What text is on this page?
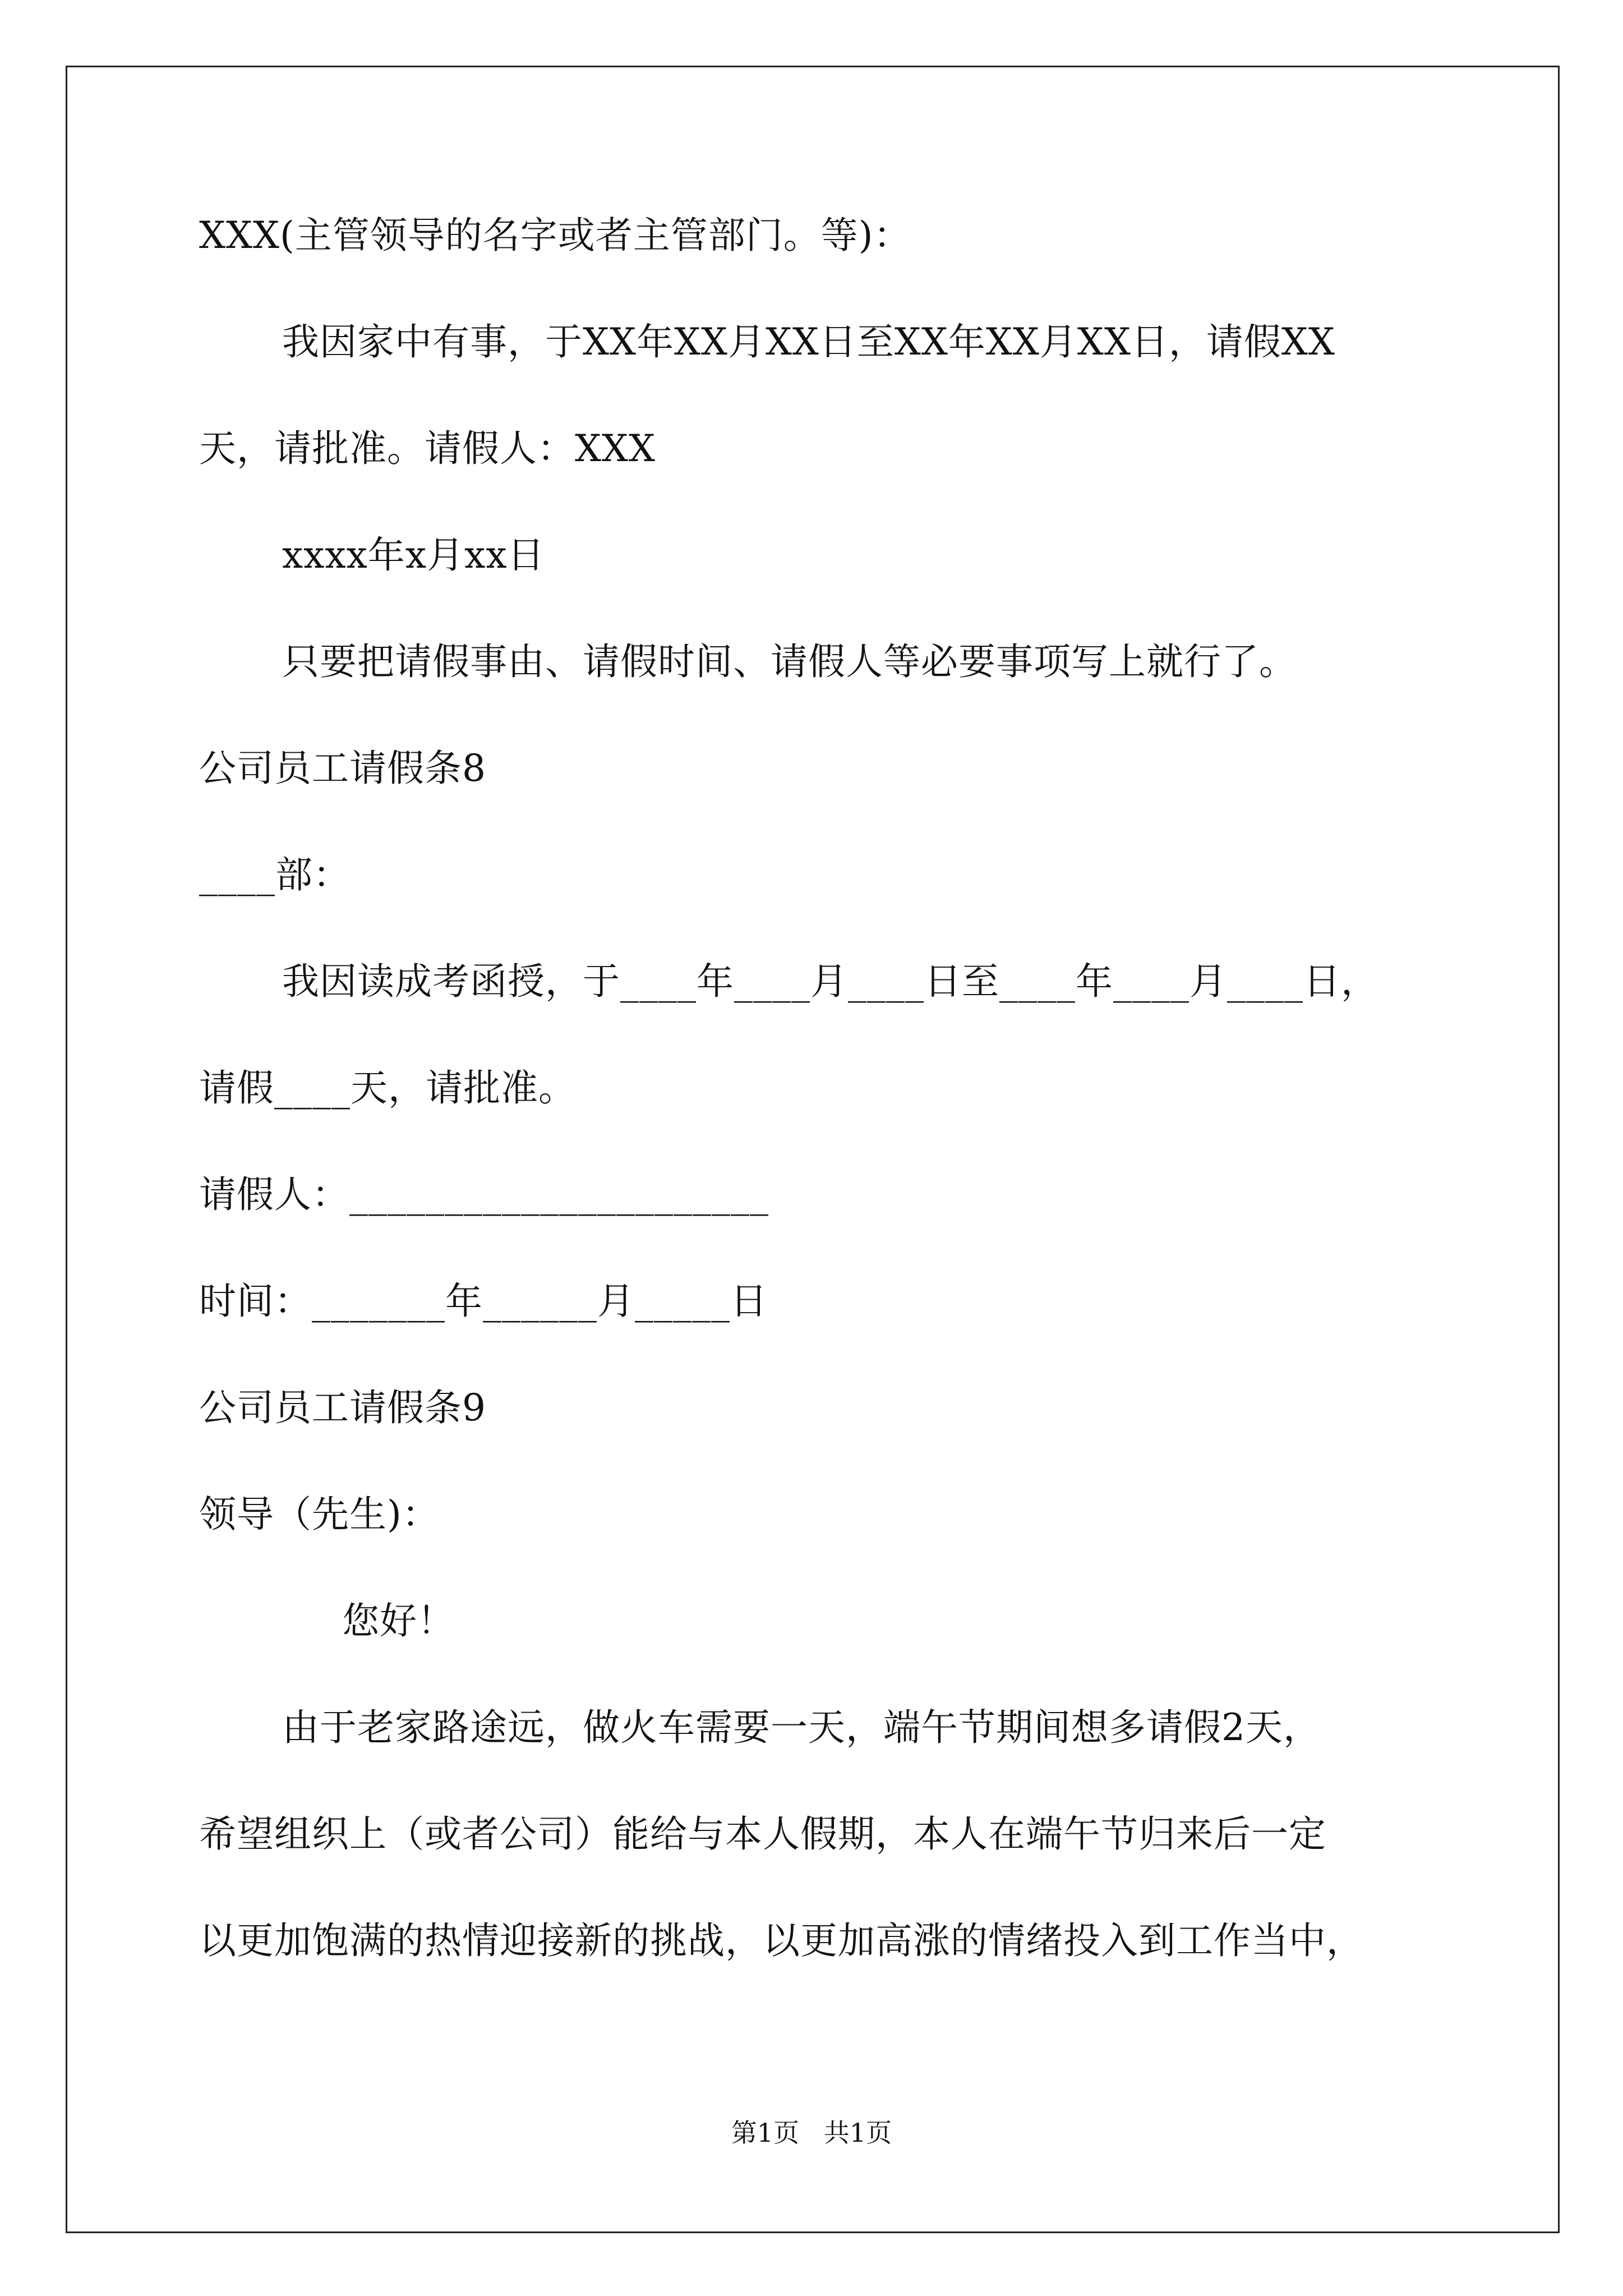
XXX(主管领导的名字或者主管部门。等)：
我因家中有事，于XX年XX月XX日至XX年XX月XX日，请假XX
天，请批准。请假人：XXX
xxxx年x月xx日
只要把请假事由、请假时间、请假人等必要事项写上就行了。
公司员工请假条8
____部：
我因读成考函授，于____年____月____日至____年____月____日，
请假____天，请批准。
请假人：______________________
时间：_______年______月_____日
公司员工请假条9
领导（先生)：
您好！
由于老家路途远，做火车需要一天，端午节期间想多请假2天，
希望组织上（或者公司）能给与本人假期，本人在端午节归来后一定
以更加饱满的热情迎接新的挑战，以更加高涨的情绪投入到工作当中，
第1页   共1页
